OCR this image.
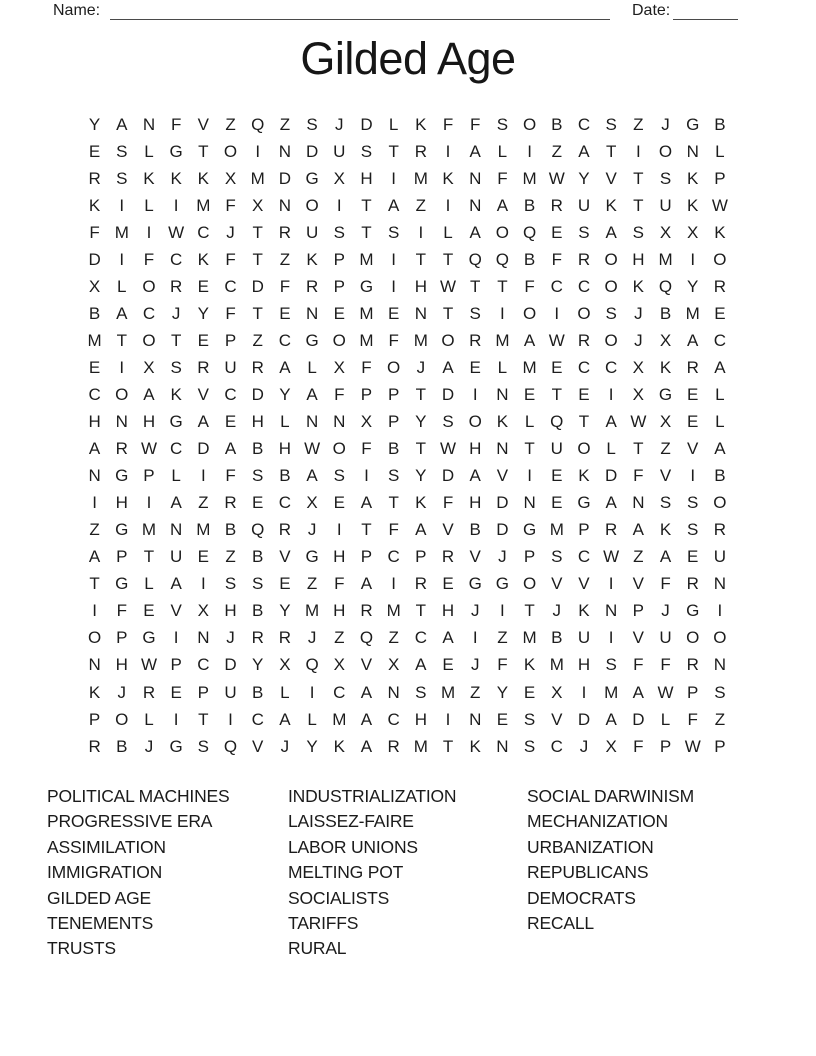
Name:	Date:
Gilded Age
Y A N F V Z Q Z S	J D L K F F S O B C S Z	J G B
E S L G T O	I	N D U S T R	I	A L	I	Z A T	I	O N L
R S K K K X M D G X H	I	M K N F M W Y V T S K P
K	I	L	I	M F X N O	I	T A Z	I	N A B R U K T U K W
F M	I W C J	T R U S T S	I	L A O Q E S A S X X K
D	I	F C K F T Z K P M	I	T T Q Q B F R O H M	I	O
X L O R E C D F R P G	I	H W T T F C C O K Q Y R
B A C J	Y F T E N E M E N T S	I	O	I	O S	J	B M E
M T O T E P Z C G O M F M O R M A W R O J	X A C
E	I	X S R U R A L X F O J	A E L M E C C X K R A
C O A K V C D Y A F P P T D	I	N E T E	I	X G E L
H N H G A E H L N N X P Y S O K L Q T A W X E L
A R W C D A B H W O F B T W H N T U O L	T Z V A
N G P L	I	F S B A S	I	S Y D A V	I	E K D F V	I	B
I	H	I	A Z R E C X E A T K F H D N E G A N S S O
Z G M N M B Q R J	I	T F A V B D G M P R A K S R
A P T U E Z B V G H P C P R V	J	P S C W Z A E U
T G L A	I	S S E Z F A	I	R E G G O V V	I	V F R N
I	F E V X H B Y M H R M T H J	I	T	J	K N P	J G	I
O P G	I	N J R R J	Z Q Z C A	I	Z M B U	I	V U O O
N H W P C D Y X Q X V X A E	J	F K M H S F F R N
K	J R E P U B L	I	C A N S M Z Y E X	I	M A W P S
P O L	I	T	I	C A L M A C H	I	N E S V D A D L	F Z
R B	J G S Q V	J	Y K A R M T K N S C J	X F P W P
POLITICAL MACHINES
PROGRESSIVE ERA
ASSIMILATION
IMMIGRATION
GILDED AGE
TENEMENTS
TRUSTS
INDUSTRIALIZATION
LAISSEZ-FAIRE
LABOR UNIONS
MELTING POT
SOCIALISTS
TARIFFS
RURAL
SOCIAL DARWINISM
MECHANIZATION
URBANIZATION
REPUBLICANS
DEMOCRATS
RECALL
